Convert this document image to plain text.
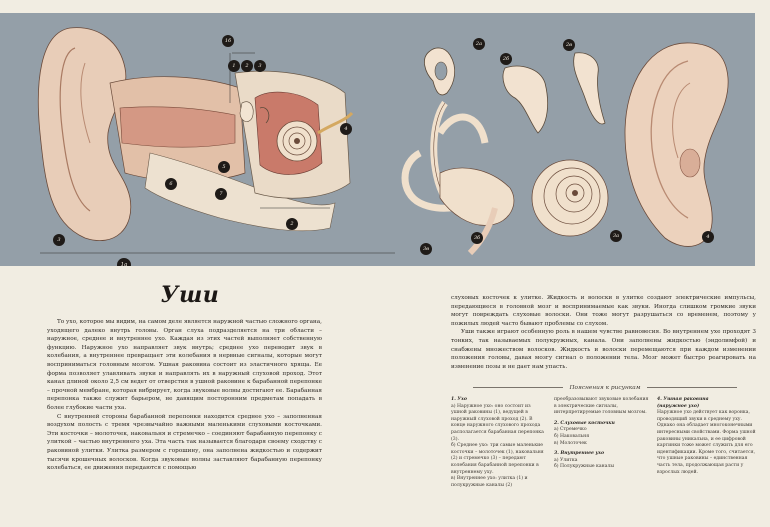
1б
1	2	3
4
5
6
7
3
2
1a
2а
2б
2в
3б	3а
3в
4
Уши

То ухо, которое мы видим, на самом деле является наружной частью сложного органа, уходящего далеко внутрь головы. Орган слуха подразделяется на три области – наружное, среднее и внутреннее ухо. Каждая из этих частей выполняет собственную функцию. Наружное ухо направляет звук внутрь; среднее ухо переводит звук в колебания, а внутреннее превращает эти колебания в нервные сигналы, которые могут восприниматься головным мозгом. Ушная раковина состоит из эластичного хряща. Ее форма позволяет улавливать звуки и направлять их в наружный слуховой проход. Этот канал длиной около 2,5 см ведет от отверстия в ушной раковине к барабанной перепонке – прочной мембране, которая вибрирует, когда звуковые волны достигают ее. Барабанная перепонка также служит барьером, не давящим посторонним предметам попадать в более глубокие части уха.

С внутренней стороны барабанной перепонки находится среднее ухо – заполненная воздухом полость с тремя чрезвычайно важными маленькими слуховыми косточками. Эти косточки – молоточек, наковальня и стремечко – соединяют барабанную перепонку с улиткой – частью внутреннего уха. Эта часть так называется благодаря своему сходству с раковиной улитки. Улитка размером с горошину, она заполнена жидкостью и содержит тысячи крошечных волосков. Когда звуковые волны заставляют барабанную перепонку колебаться, ее движения передаются с помощью

слуховых косточек к улитке. Жидкость и волоски в улитке создают электрические импульсы, передающиеся в головной мозг и воспринимаемые как звуки. Иногда слишком громкие звуки могут повреждать слуховые волоски. Они тоже могут разрушаться со временем, поэтому у пожилых людей часто бывают проблемы со слухом.

Уши также играют особенную роль в нашем чувстве равновесия. Во внутреннем ухе проходят 3 тонких, так называемых полукружных, канала. Они заполнены жидкостью (эндолимфой) и снабжены множеством волосков. Жидкость и волоски перемещаются при каждом изменении положения головы, давая мозгу сигнал о положении тела. Мозг может быстро реагировать на изменение позы и не дает нам упасть.

Пояснения к рисункам
1. Ухо
а) Наружное ухо: оно состоит из ушной раковины (1), ведущей в наружный слуховой проход (2). В конце наружного слухового прохода располагается барабанная перепонка (3).
б) Среднее ухо: три самые маленькие косточки – молоточек (1), наковальня (2) и стремечко (3) – передают колебания барабанной перепонки в внутреннему уху.
в) Внутреннее ухо: улитка (1) и полукружные каналы (2)
преобразовывают звуковые колебания в электрические сигналы, интерпретируемые головным мозгом.
2. Слуховые косточки
а) Стремечко
б) Наковальня
в) Молоточек
3. Внутреннее ухо
а) Улитка
б) Полукружные каналы
4. Ушная раковина
(наружное ухо)
Наружное ухо действует как воронка, проводящий звуки в среднему уху. Однако она обладает многоконечными интересными свойствами. Форма ушной раковины уникальна, и ее цифровой картинки тоже может служить для его идентификации. Кроме того, считается, что ушные раковины – единственная часть тела, продолжающая расти у взрослых людей.
